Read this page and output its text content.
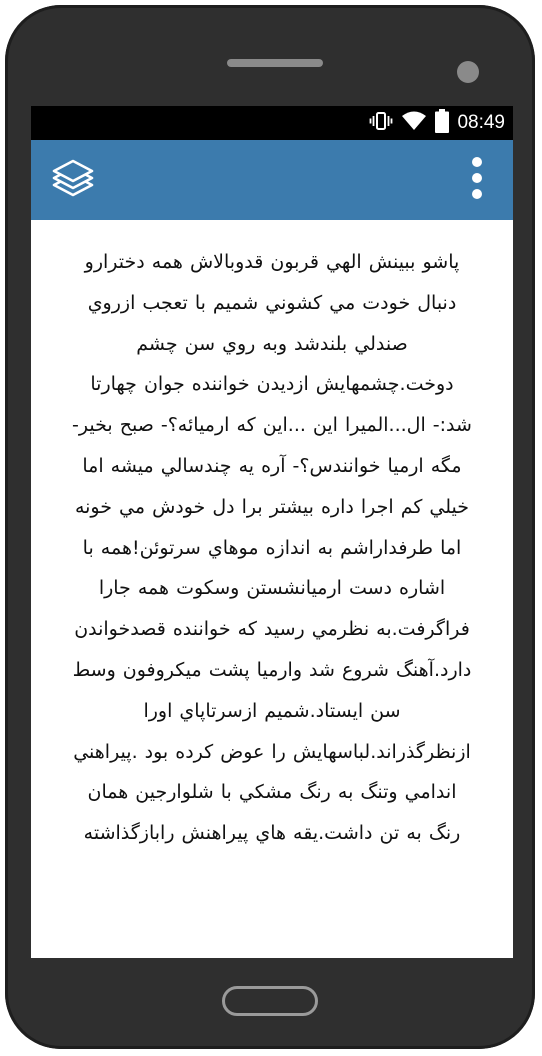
08:49

پاشو ببينش الهي قربون قدوبالاش همه دخترارو دنبال خودت مي كشوني شميم با تعجب ازروي صندلي بلندشد وبه روي سن چشم دوخت.چشمهايش ازديدن خواننده جوان چهارتا شد:- ال...الميرا اين ...اين كه ارميائه؟- صبح بخير- مگه ارميا خوانندس؟- آره يه چندسالي ميشه اما خيلي كم اجرا داره بيشتر برا دل خودش مي خونه اما طرفداراشم به اندازه موهاي سرتوئن!همه با اشاره دست ارميانشستن وسكوت همه جارا فراگرفت.به نظرمي رسيد كه خواننده قصدخواندن دارد.آهنگ شروع شد وارميا پشت ميكروفون وسط سن ايستاد.شميم ازسرتاپاي اورا ازنظرگذراند.لباسهايش را عوض كرده بود .پيراهني اندامي وتنگ به رنگ مشكي با شلوارجين همان رنگ به تن داشت.يقه هاي پيراهنش رابازگذاشته
